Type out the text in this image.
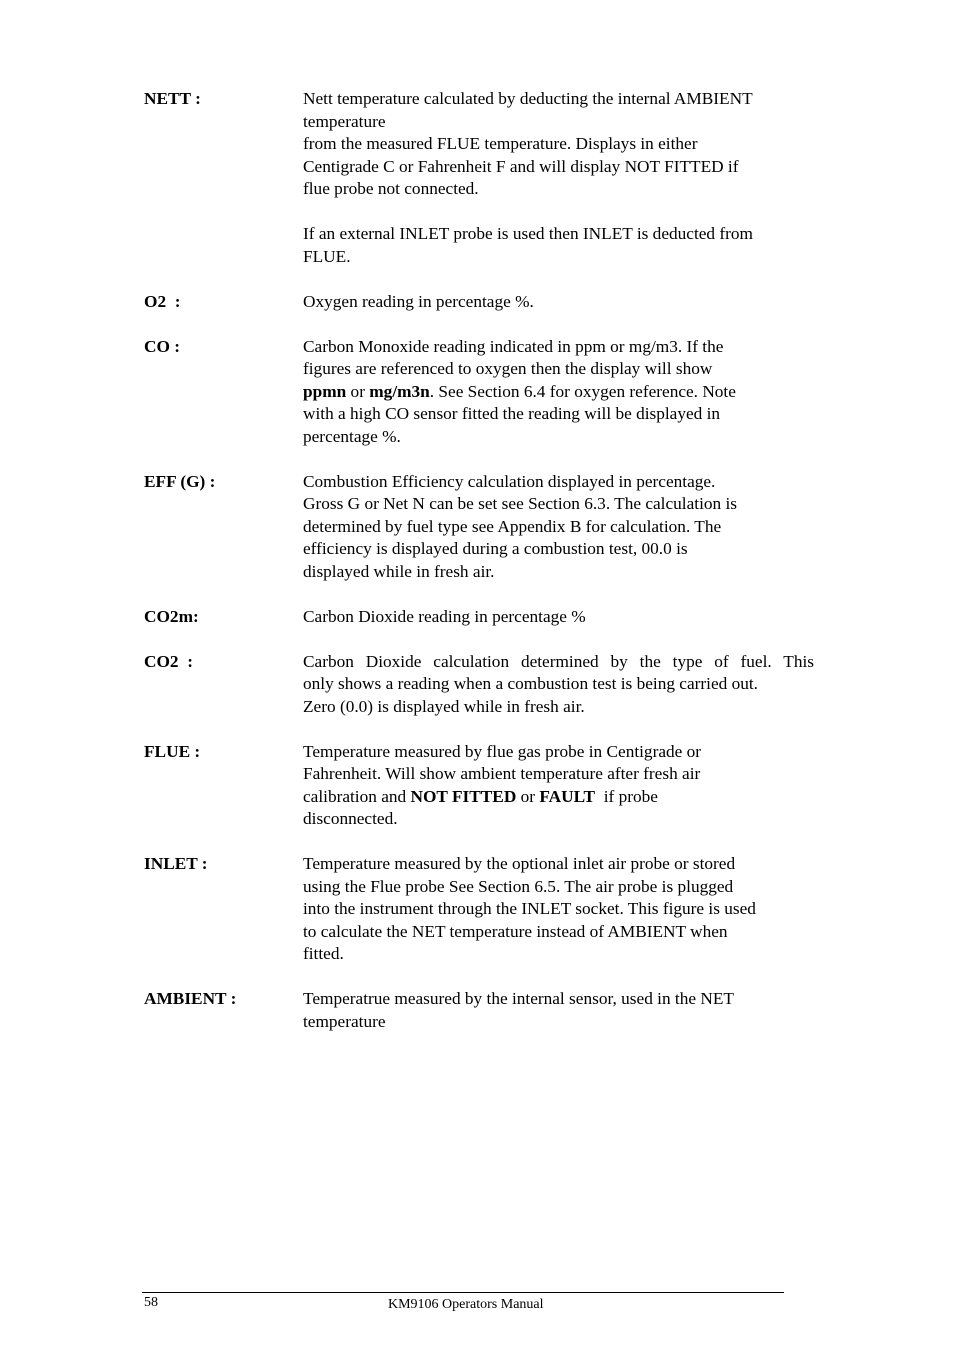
NETT :	Nett temperature calculated by deducting the internal AMBIENT
temperature
from the measured FLUE temperature. Displays in either
Centigrade C or Fahrenheit F and will display NOT FITTED if
flue probe not connected.
If an external INLET probe is used then INLET is deducted from
FLUE.
O2  :	Oxygen reading in percentage %.
CO :	Carbon Monoxide reading indicated in ppm or mg/m3. If the
figures are referenced to oxygen then the display will show
ppmn or mg/m3n. See Section 6.4 for oxygen reference. Note
with a high CO sensor fitted the reading will be displayed in
percentage %.
EFF (G) :	Combustion Efficiency calculation displayed in percentage.
Gross G or Net N can be set see Section 6.3. The calculation is
determined by fuel type see Appendix B for calculation. The
efficiency is displayed during a combustion test, 00.0 is
displayed while in fresh air.
CO2m:	Carbon Dioxide reading in percentage %
CO2  :	Carbon Dioxide calculation determined by the type of fuel. This
only shows a reading when a combustion test is being carried out.
Zero (0.0) is displayed while in fresh air.
FLUE :	Temperature measured by flue gas probe in Centigrade or
Fahrenheit. Will show ambient temperature after fresh air
calibration and NOT FITTED or FAULT  if probe
disconnected.
INLET :	Temperature measured by the optional inlet air probe or stored
using the Flue probe See Section 6.5. The air probe is plugged
into the instrument through the INLET socket. This figure is used
to calculate the NET temperature instead of AMBIENT when
fitted.
AMBIENT :	Temperatrue measured by the internal sensor, used in the NET
temperature
58	KM9106 Operators Manual
